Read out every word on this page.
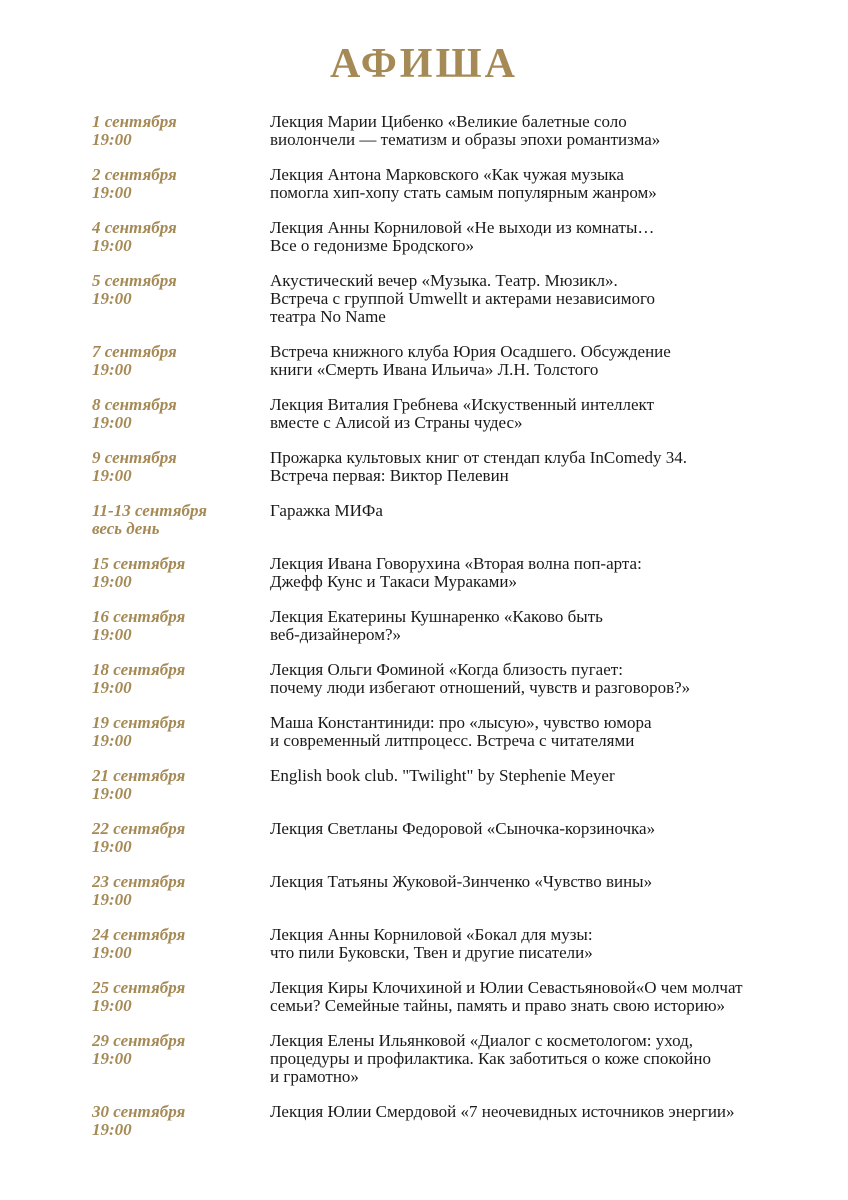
АФИША
1 сентября
19:00
Лекция Марии Цибенко «Великие балетные соло
виолончели — тематизм и образы эпохи романтизма»
2 сентября
19:00
Лекция Антона Марковского «Как чужая музыка
помогла хип-хопу стать самым популярным жанром»
4 сентября
19:00
Лекция Анны Корниловой «Не выходи из комнаты…
Все о гедонизме Бродского»
5 сентября
19:00
Акустический вечер «Музыка. Театр. Мюзикл».
Встреча с группой Umwellt и актерами независимого
театра No Name
7 сентября
19:00
Встреча книжного клуба Юрия Осадшего. Обсуждение
книги «Смерть Ивана Ильича» Л.Н. Толстого
8 сентября
19:00
Лекция Виталия Гребнева «Искуственный интеллект
вместе с Алисой из Страны чудес»
9 сентября
19:00
Прожарка культовых книг от стендап клуба InComedy 34.
Встреча первая: Виктор Пелевин
11-13 сентября
весь день
Гаражка МИФа
15 сентября
19:00
Лекция Ивана Говорухина «Вторая волна поп-арта:
Джефф Кунс и Такаси Мураками»
16 сентября
19:00
Лекция Екатерины Кушнаренко «Каково быть
веб-дизайнером?»
18 сентября
19:00
Лекция Ольги Фоминой «Когда близость пугает:
почему люди избегают отношений, чувств и разговоров?»
19 сентября
19:00
Маша Константиниди: про «лысую», чувство юмора
и современный литпроцесс. Встреча с читателями
21 сентября
19:00
English book club. "Twilight" by Stephenie Meyer
22 сентября
19:00
Лекция Светланы Федоровой «Сыночка-корзиночка»
23 сентября
19:00
Лекция Татьяны Жуковой-Зинченко «Чувство вины»
24 сентября
19:00
Лекция Анны Корниловой «Бокал для музы:
что пили Буковски, Твен и другие писатели»
25 сентября
19:00
Лекция Киры Клочихиной и Юлии Севастьяновой«О чем молчат
семьи? Семейные тайны, память и право знать свою историю»
29 сентября
19:00
Лекция Елены Ильянковой «Диалог с косметологом: уход,
процедуры и профилактика. Как заботиться о коже спокойно
и грамотно»
30 сентября
19:00
Лекция Юлии Смердовой «7 неочевидных источников энергии»
